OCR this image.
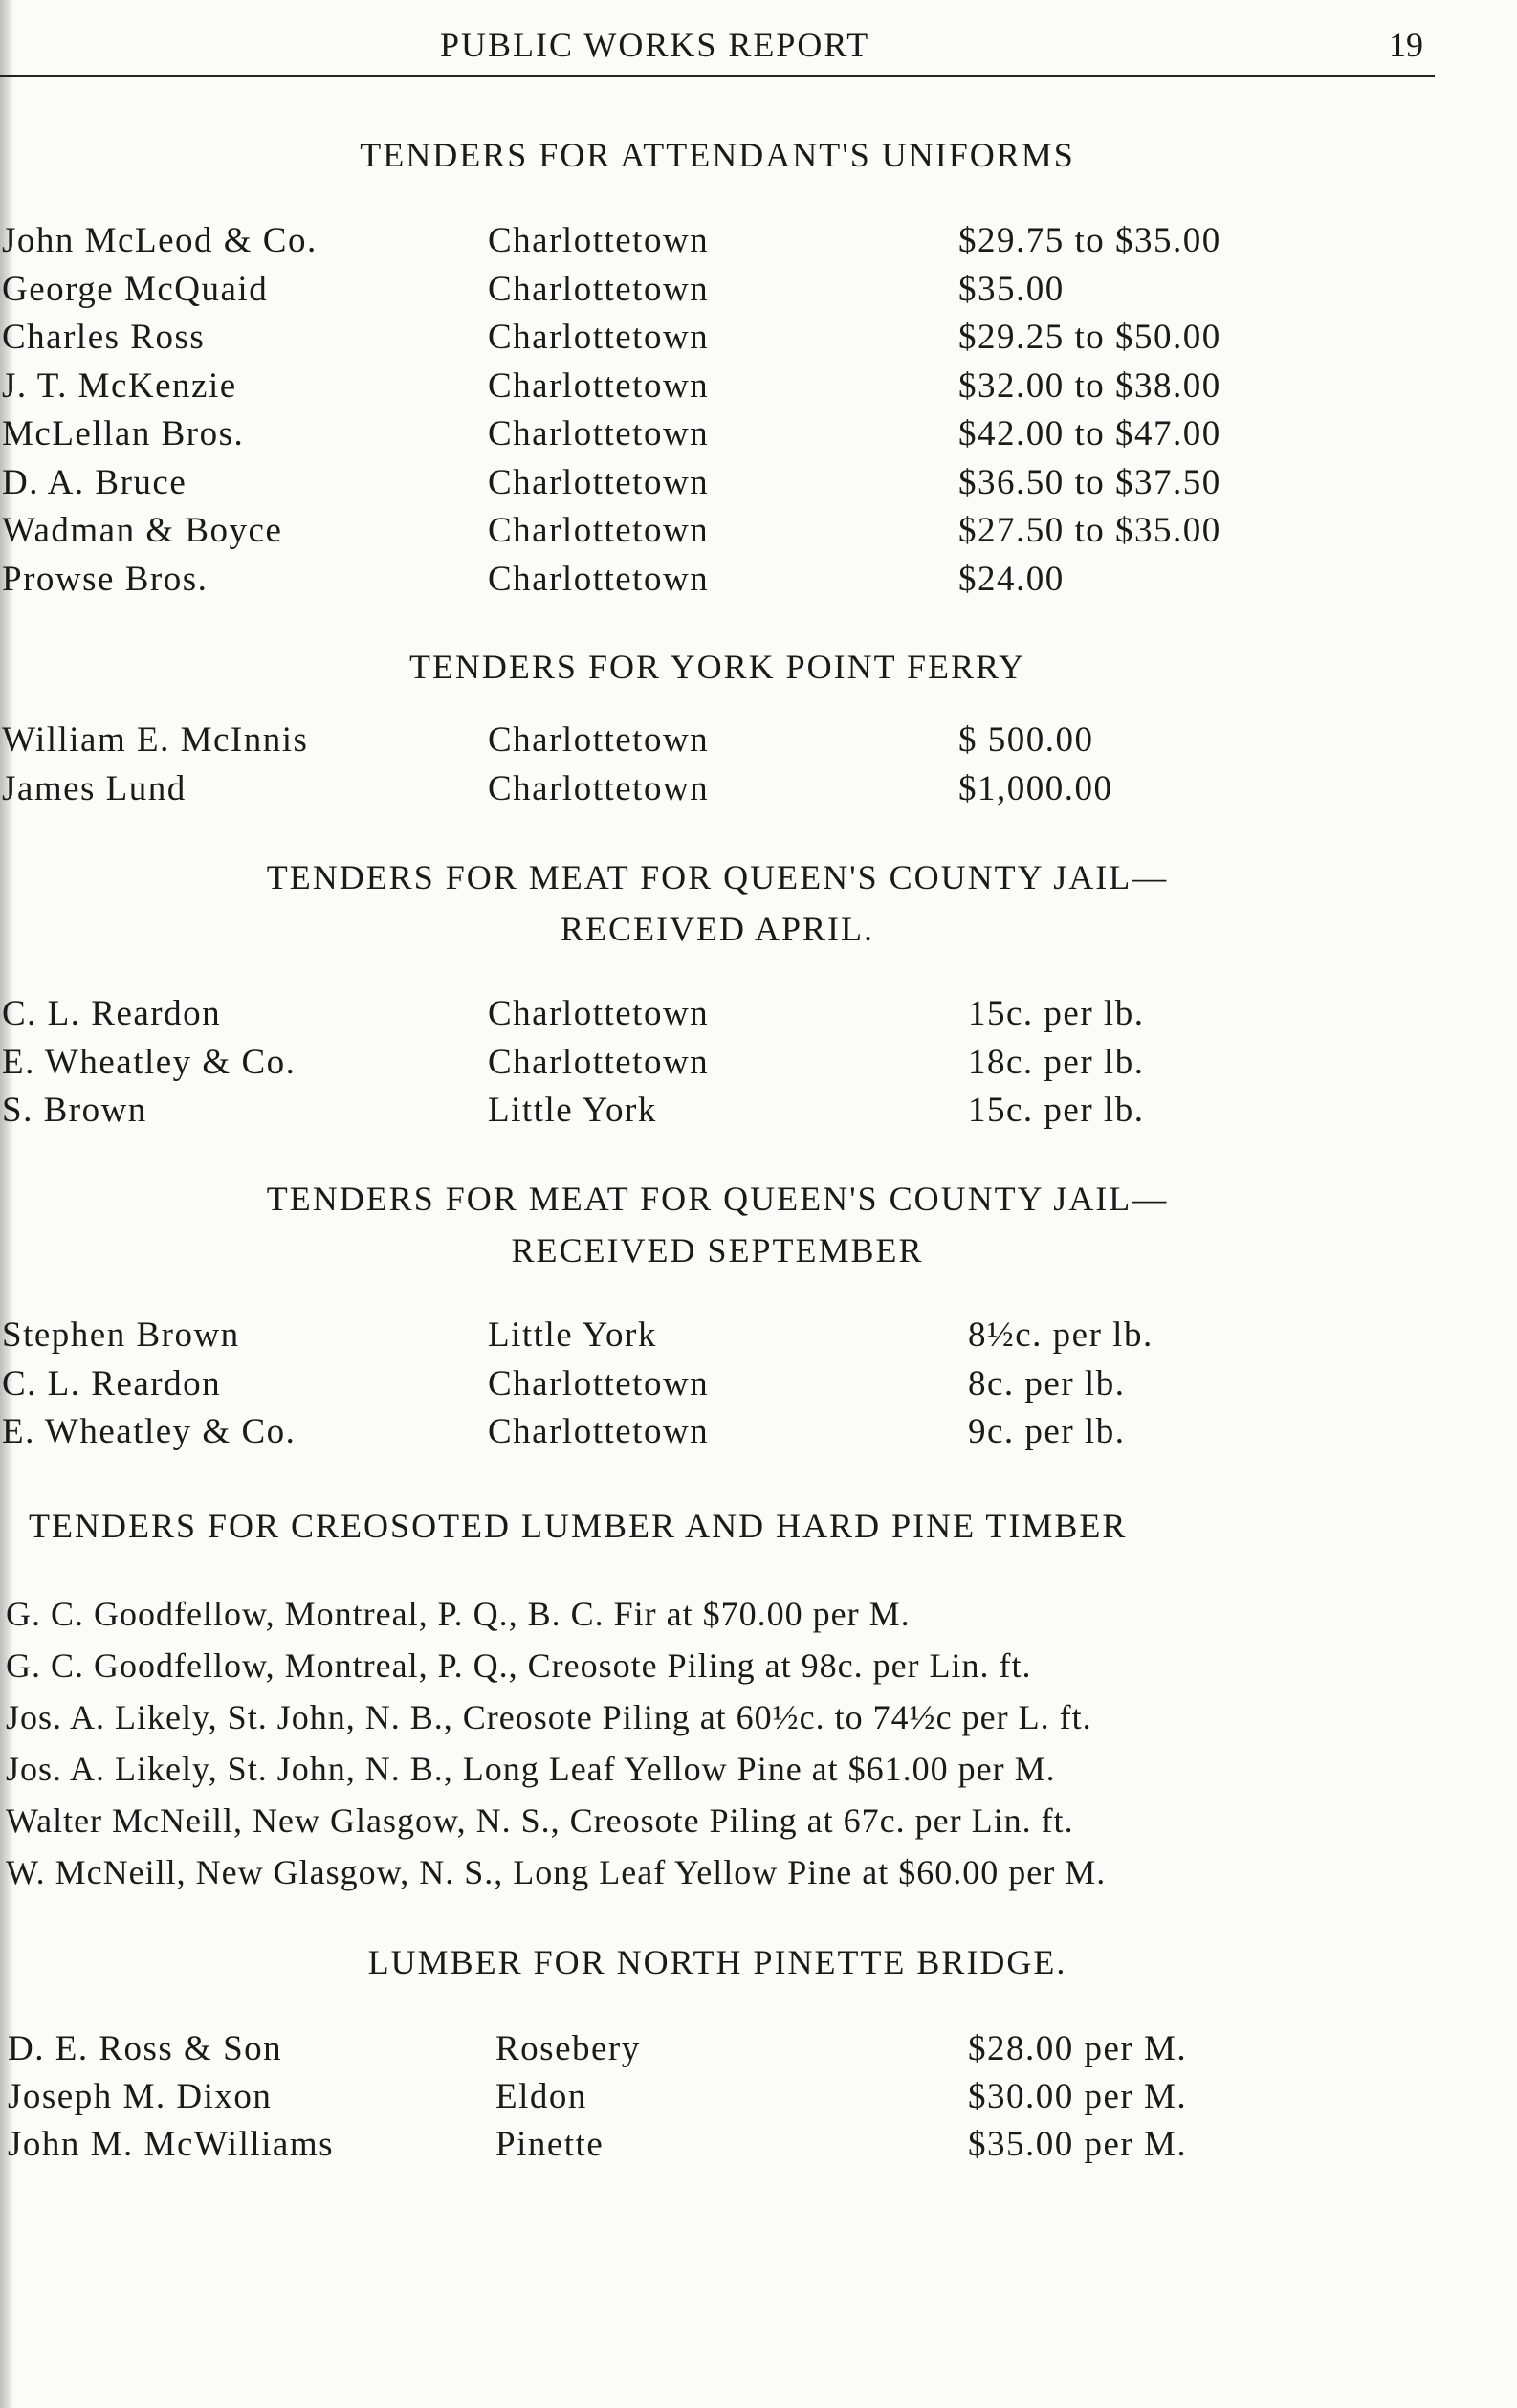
PUBLIC WORKS REPORT	19
TENDERS FOR ATTENDANT'S UNIFORMS
John McLeod & Co.	Charlottetown	$29.75 to $35.00
George McQuaid	Charlottetown	$35.00
Charles Ross	Charlottetown	$29.25 to $50.00
J. T. McKenzie	Charlottetown	$32.00 to $38.00
McLellan Bros.	Charlottetown	$42.00 to $47.00
D. A. Bruce	Charlottetown	$36.50 to $37.50
Wadman & Boyce	Charlottetown	$27.50 to $35.00
Prowse Bros.	Charlottetown	$24.00
TENDERS FOR YORK POINT FERRY
William E. McInnis	Charlottetown	$ 500.00
James Lund	Charlottetown	$1,000.00
TENDERS FOR MEAT FOR QUEEN'S COUNTY JAIL—
RECEIVED APRIL.
C. L. Reardon	Charlottetown	15c. per lb.
E. Wheatley & Co.	Charlottetown	18c. per lb.
S. Brown	Little York	15c. per lb.
TENDERS FOR MEAT FOR QUEEN'S COUNTY JAIL—
RECEIVED SEPTEMBER
Stephen Brown	Little York	8½c. per lb.
C. L. Reardon	Charlottetown	8c. per lb.
E. Wheatley & Co.	Charlottetown	9c. per lb.
TENDERS FOR CREOSOTED LUMBER AND HARD PINE TIMBER
G. C. Goodfellow, Montreal, P. Q., B. C. Fir at $70.00 per M.
G. C. Goodfellow, Montreal, P. Q., Creosote Piling at 98c. per Lin. ft.
Jos. A. Likely, St. John, N. B., Creosote Piling at 60½c. to 74½c per L. ft.
Jos. A. Likely, St. John, N. B., Long Leaf Yellow Pine at $61.00 per M.
Walter McNeill, New Glasgow, N. S., Creosote Piling at 67c. per Lin. ft.
W. McNeill, New Glasgow, N. S., Long Leaf Yellow Pine at $60.00 per M.
LUMBER FOR NORTH PINETTE BRIDGE.
D. E. Ross & Son	Rosebery	$28.00 per M.
Joseph M. Dixon	Eldon	$30.00 per M.
John M. McWilliams	Pinette	$35.00 per M.
